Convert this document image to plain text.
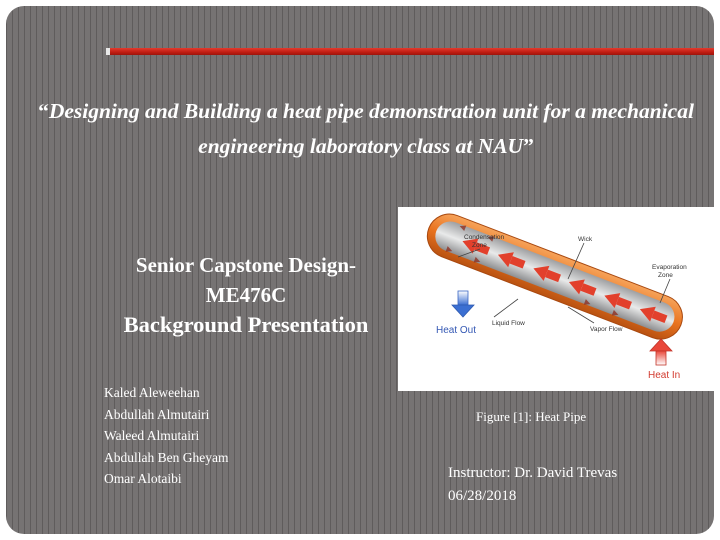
“Designing and Building a heat pipe demonstration unit for a mechanical engineering laboratory class at NAU”
Senior Capstone Design-
ME476C
Background Presentation
Kaled Aleweehan
Abdullah Almutairi
Waleed Almutairi
Abdullah Ben Gheyam
Omar Alotaibi
Condensation
Zone
Wick
Evaporation
Zone
Liquid Flow
Vapor Flow
Heat Out
Heat In
Figure [1]: Heat Pipe
Instructor: Dr. David Trevas
06/28/2018
